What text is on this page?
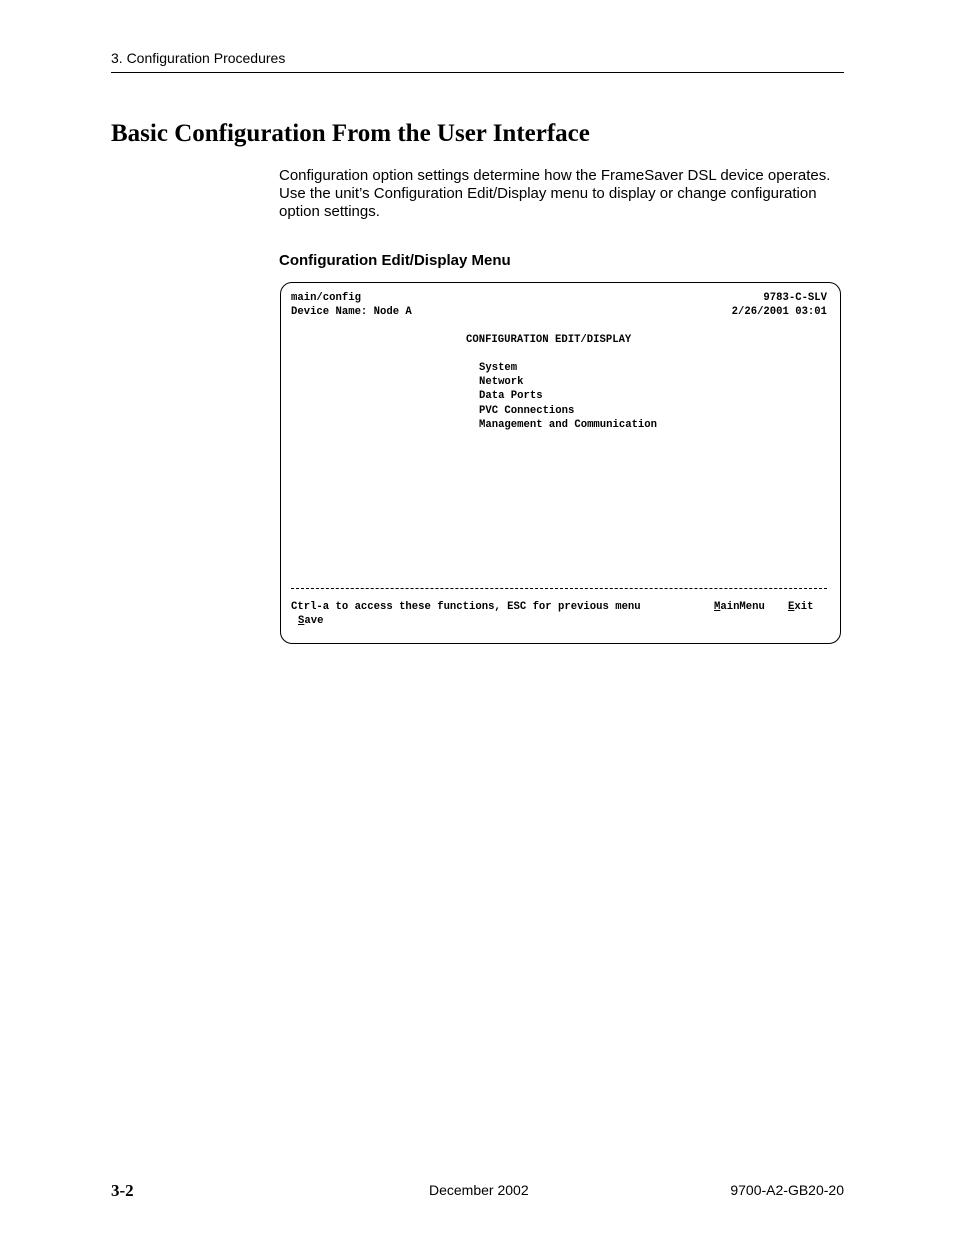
3. Configuration Procedures
Basic Configuration From the User Interface

Configuration option settings determine how the FrameSaver DSL device operates. Use the unit’s Configuration Edit/Display menu to display or change configuration option settings.

Configuration Edit/Display Menu
main/config	9783-C-SLV
Device Name: Node A	2/26/2001 03:01
CONFIGURATION EDIT/DISPLAY
System
Network
Data Ports
PVC Connections
Management and Communication
Ctrl-a to access these functions, ESC for previous menu	MainMenu Exit
Save
3-2	December 2002	9700-A2-GB20-20
